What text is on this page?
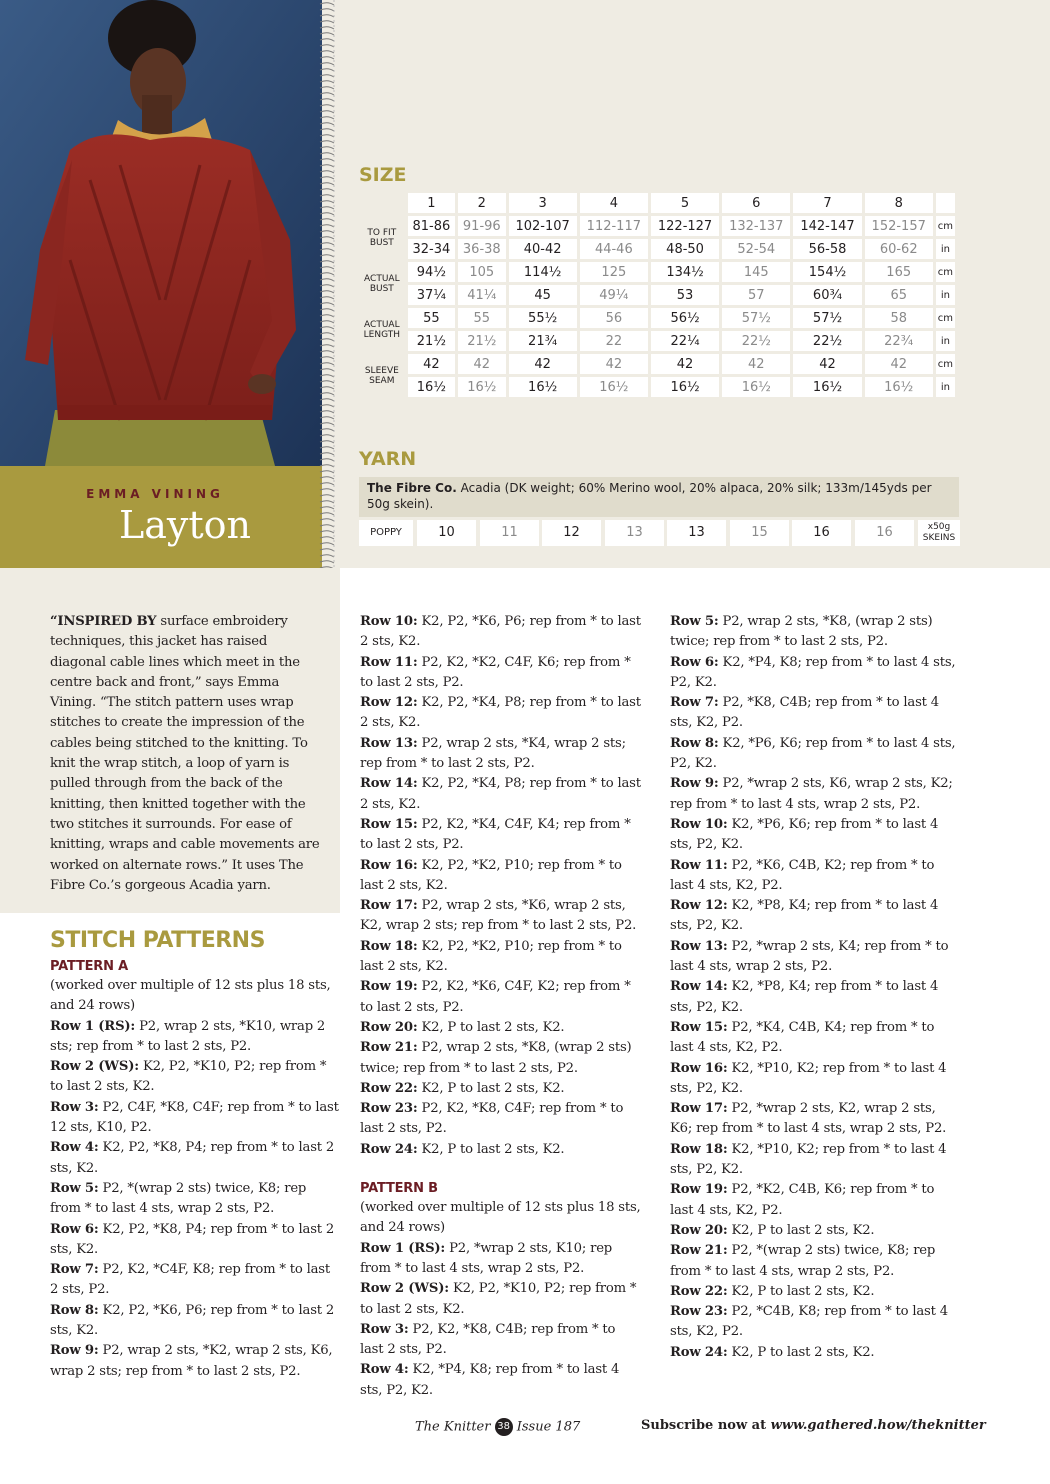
EMMA VINING
Layton
SIZE
	1	2	3	4	5	6	7	8	
TO FIT
BUST	81-86	91-96	102-107	112-117	122-127	132-137	142-147	152-157	cm
	32-34	36-38	40-42	44-46	48-50	52-54	56-58	60-62	in
ACTUAL
BUST	94½	105	114½	125	134½	145	154½	165	cm
	37¼	41¼	45	49¼	53	57	60¾	65	in
ACTUAL
LENGTH	55	55	55½	56	56½	57½	57½	58	cm
	21½	21½	21¾	22	22¼	22½	22½	22¾	in
SLEEVE
SEAM	42	42	42	42	42	42	42	42	cm
	16½	16½	16½	16½	16½	16½	16½	16½	in
YARN
The Fibre Co. Acadia (DK weight; 60% Merino wool, 20% alpaca, 20% silk; 133m/145yds per 50g skein).
POPPY	10	11	12	13	13	15	16	16	x50g
SKEINS
“INSPIRED BY surface embroidery techniques, this jacket has raised diagonal cable lines which meet in the centre back and front,” says Emma Vining. “The stitch pattern uses wrap stitches to create the impression of the cables being stitched to the knitting. To knit the wrap stitch, a loop of yarn is pulled through from the back of the knitting, then knitted together with the two stitches it surrounds. For ease of knitting, wraps and cable movements are worked on alternate rows.” It uses The Fibre Co.’s gorgeous Acadia yarn.
STITCH PATTERNS
PATTERN A

(worked over multiple of 12 sts plus 18 sts, and 24 rows)

Row 1 (RS): P2, wrap 2 sts, *K10, wrap 2 sts; rep from * to last 2 sts, P2.

Row 2 (WS): K2, P2, *K10, P2; rep from * to last 2 sts, K2.

Row 3: P2, C4F, *K8, C4F; rep from * to last 12 sts, K10, P2.

Row 4: K2, P2, *K8, P4; rep from * to last 2 sts, K2.

Row 5: P2, *(wrap 2 sts) twice, K8; rep from * to last 4 sts, wrap 2 sts, P2.

Row 6: K2, P2, *K8, P4; rep from * to last 2 sts, K2.

Row 7: P2, K2, *C4F, K8; rep from * to last 2 sts, P2.

Row 8: K2, P2, *K6, P6; rep from * to last 2 sts, K2.

Row 9: P2, wrap 2 sts, *K2, wrap 2 sts, K6, wrap 2 sts; rep from * to last 2 sts, P2.

Row 10: K2, P2, *K6, P6; rep from * to last 2 sts, K2.

Row 11: P2, K2, *K2, C4F, K6; rep from * to last 2 sts, P2.

Row 12: K2, P2, *K4, P8; rep from * to last 2 sts, K2.

Row 13: P2, wrap 2 sts, *K4, wrap 2 sts; rep from * to last 2 sts, P2.

Row 14: K2, P2, *K4, P8; rep from * to last 2 sts, K2.

Row 15: P2, K2, *K4, C4F, K4; rep from * to last 2 sts, P2.

Row 16: K2, P2, *K2, P10; rep from * to last 2 sts, K2.

Row 17: P2, wrap 2 sts, *K6, wrap 2 sts, K2, wrap 2 sts; rep from * to last 2 sts, P2.

Row 18: K2, P2, *K2, P10; rep from * to last 2 sts, K2.

Row 19: P2, K2, *K6, C4F, K2; rep from * to last 2 sts, P2.

Row 20: K2, P to last 2 sts, K2.

Row 21: P2, wrap 2 sts, *K8, (wrap 2 sts) twice; rep from * to last 2 sts, P2.

Row 22: K2, P to last 2 sts, K2.

Row 23: P2, K2, *K8, C4F; rep from * to last 2 sts, P2.

Row 24: K2, P to last 2 sts, K2.

PATTERN B

(worked over multiple of 12 sts plus 18 sts, and 24 rows)

Row 1 (RS): P2, *wrap 2 sts, K10; rep from * to last 4 sts, wrap 2 sts, P2.

Row 2 (WS): K2, P2, *K10, P2; rep from * to last 2 sts, K2.

Row 3: P2, K2, *K8, C4B; rep from * to last 2 sts, P2.

Row 4: K2, *P4, K8; rep from * to last 4 sts, P2, K2.

Row 5: P2, wrap 2 sts, *K8, (wrap 2 sts) twice; rep from * to last 2 sts, P2.

Row 6: K2, *P4, K8; rep from * to last 4 sts, P2, K2.

Row 7: P2, *K8, C4B; rep from * to last 4 sts, K2, P2.

Row 8: K2, *P6, K6; rep from * to last 4 sts, P2, K2.

Row 9: P2, *wrap 2 sts, K6, wrap 2 sts, K2; rep from * to last 4 sts, wrap 2 sts, P2.

Row 10: K2, *P6, K6; rep from * to last 4 sts, P2, K2.

Row 11: P2, *K6, C4B, K2; rep from * to last 4 sts, K2, P2.

Row 12: K2, *P8, K4; rep from * to last 4 sts, P2, K2.

Row 13: P2, *wrap 2 sts, K4; rep from * to last 4 sts, wrap 2 sts, P2.

Row 14: K2, *P8, K4; rep from * to last 4 sts, P2, K2.

Row 15: P2, *K4, C4B, K4; rep from * to last 4 sts, K2, P2.

Row 16: K2, *P10, K2; rep from * to last 4 sts, P2, K2.

Row 17: P2, *wrap 2 sts, K2, wrap 2 sts, K6; rep from * to last 4 sts, wrap 2 sts, P2.

Row 18: K2, *P10, K2; rep from * to last 4 sts, P2, K2.

Row 19: P2, *K2, C4B, K6; rep from * to last 4 sts, K2, P2.

Row 20: K2, P to last 2 sts, K2.

Row 21: P2, *(wrap 2 sts) twice, K8; rep from * to last 4 sts, wrap 2 sts, P2.

Row 22: K2, P to last 2 sts, K2.

Row 23: P2, *C4B, K8; rep from * to last 4 sts, K2, P2.

Row 24: K2, P to last 2 sts, K2.

The Knitter 38 Issue 187	Subscribe now at www.gathered.how/theknitter
